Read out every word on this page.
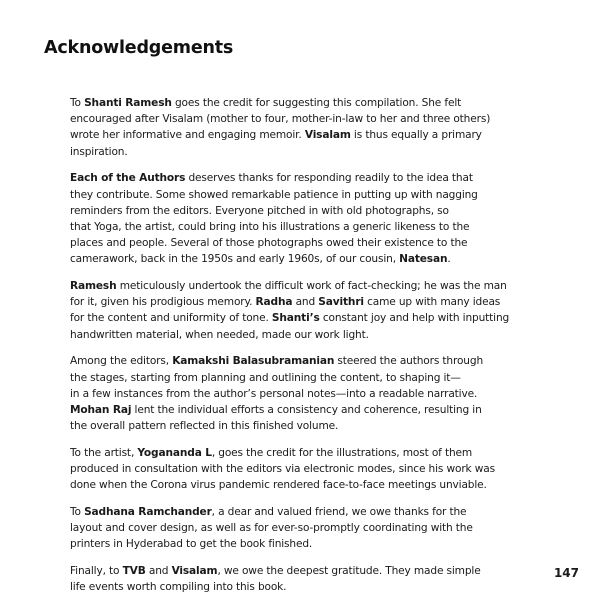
Acknowledgements

To Shanti Ramesh goes the credit for suggesting this compilation. She felt
encouraged after Visalam (mother to four, mother-in-law to her and three others)
wrote her informative and engaging memoir. Visalam is thus equally a primary
inspiration.

Each of the Authors deserves thanks for responding readily to the idea that
they contribute. Some showed remarkable patience in putting up with nagging
reminders from the editors. Everyone pitched in with old photographs, so
that Yoga, the artist, could bring into his illustrations a generic likeness to the
places and people. Several of those photographs owed their existence to the
camerawork, back in the 1950s and early 1960s, of our cousin, Natesan.

Ramesh meticulously undertook the difficult work of fact-checking; he was the man
for it, given his prodigious memory. Radha and Savithri came up with many ideas
for the content and uniformity of tone. Shanti’s constant joy and help with inputting
handwritten material, when needed, made our work light.

Among the editors, Kamakshi Balasubramanian steered the authors through
the stages, starting from planning and outlining the content, to shaping it—
in a few instances from the author’s personal notes—into a readable narrative.
Mohan Raj lent the individual efforts a consistency and coherence, resulting in
the overall pattern reflected in this finished volume.

To the artist, Yogananda L, goes the credit for the illustrations, most of them
produced in consultation with the editors via electronic modes, since his work was
done when the Corona virus pandemic rendered face-to-face meetings unviable.

To Sadhana Ramchander, a dear and valued friend, we owe thanks for the
layout and cover design, as well as for ever-so-promptly coordinating with the
printers in Hyderabad to get the book finished.

Finally, to TVB and Visalam, we owe the deepest gratitude. They made simple
life events worth compiling into this book.

147
